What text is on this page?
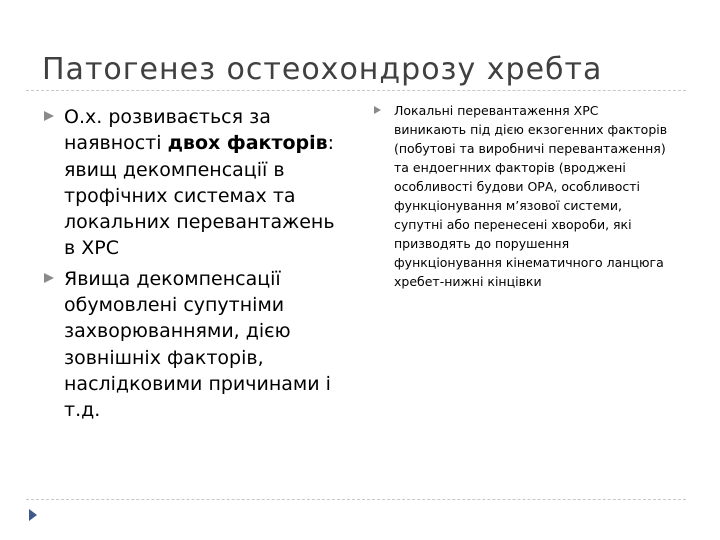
Патогенез остеохондрозу хребта
О.х. розвивається за наявності двох факторів: явищ декомпенсації в трофічних системах та локальних перевантажень в ХРС
Явища декомпенсації обумовлені супутніми захворюваннями, дією зовнішніх факторів, наслідковими причинами і т.д.
Локальні перевантаження ХРС виникають під дією екзогенних факторів (побутові та виробничі перевантаження) та ендоегнних факторів (вроджені особливості будови ОРА, особливості функціонування м’язової системи, супутні або перенесені хвороби, які призводять до порушення функціонування кінематичного ланцюга хребет-нижні кінцівки
